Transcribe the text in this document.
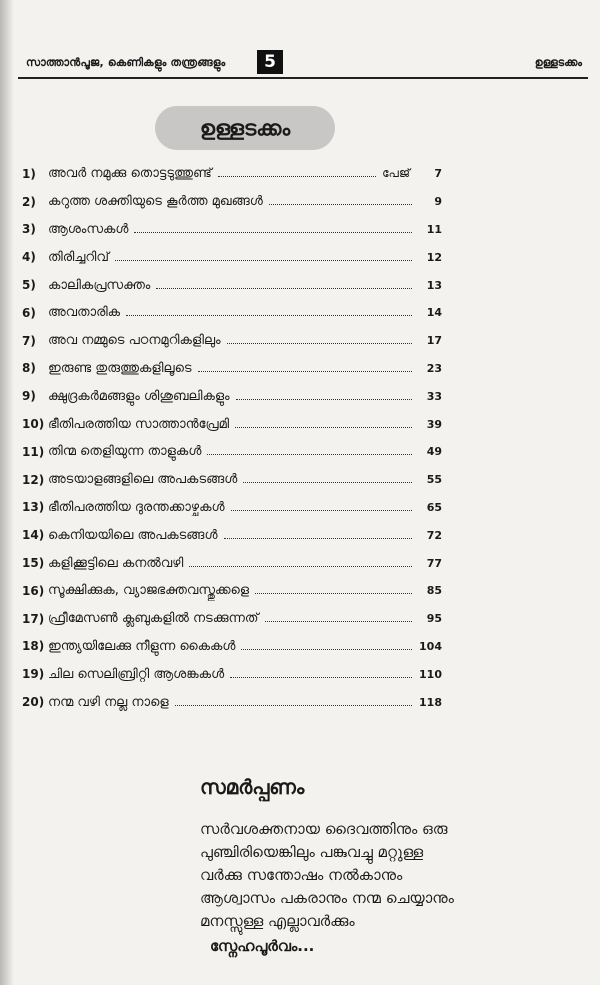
സാത്താൻപൂജ, കെണികളും തന്ത്രങ്ങളും	5	ഉള്ളടക്കം
ഉള്ളടക്കം
1) അവർ നമുക്കു തൊട്ടടുത്തുണ്ട്	പേജ്	7
2) കറുത്ത ശക്തിയുടെ കൂർത്ത മുഖങ്ങൾ	9
3) ആശംസകൾ	11
4) തിരിച്ചറിവ്	12
5) കാലികപ്രസക്തം	13
6) അവതാരിക	14
7) അവ നമ്മുടെ പഠനമുറികളിലും	17
8) ഇരുണ്ട തുരുത്തുകളിലൂടെ	23
9) ക്ഷുദ്രകർമങ്ങളും ശിശുബലികളും	33
10) ഭീതിപരത്തിയ സാത്താൻപ്രേമി	39
11) തിന്മ തെളിയുന്ന താളുകൾ	49
12) അടയാളങ്ങളിലെ അപകടങ്ങൾ	55
13) ഭീതിപരത്തിയ ദുരന്തക്കാഴ്ചകൾ	65
14) കെനിയയിലെ അപകടങ്ങൾ	72
15) കളിക്കൂട്ടിലെ കനൽവഴി	77
16) സൂക്ഷിക്കുക, വ്യാജഭക്തവസ്തുക്കളെ	85
17) ഫ്രീമേസൺ ക്ലബുകളിൽ നടക്കുന്നത്	95
18) ഇന്ത്യയിലേക്കു നീളുന്ന കൈകൾ	104
19) ചില സെലിബ്രിറ്റി ആശങ്കകൾ	110
20) നന്മ വഴി നല്ല നാളെ	118
സമർപ്പണം
സർവശക്തനായ ദൈവത്തിനും ഒരു
പുഞ്ചിരിയെങ്കിലും പങ്കുവച്ചു മറ്റുള്ള
വർക്കു സന്തോഷം നൽകാനും
ആശ്വാസം പകരാനും നന്മ ചെയ്യാനും
മനസ്സുള്ള എല്ലാവർക്കും
സ്നേഹപൂർവം...
